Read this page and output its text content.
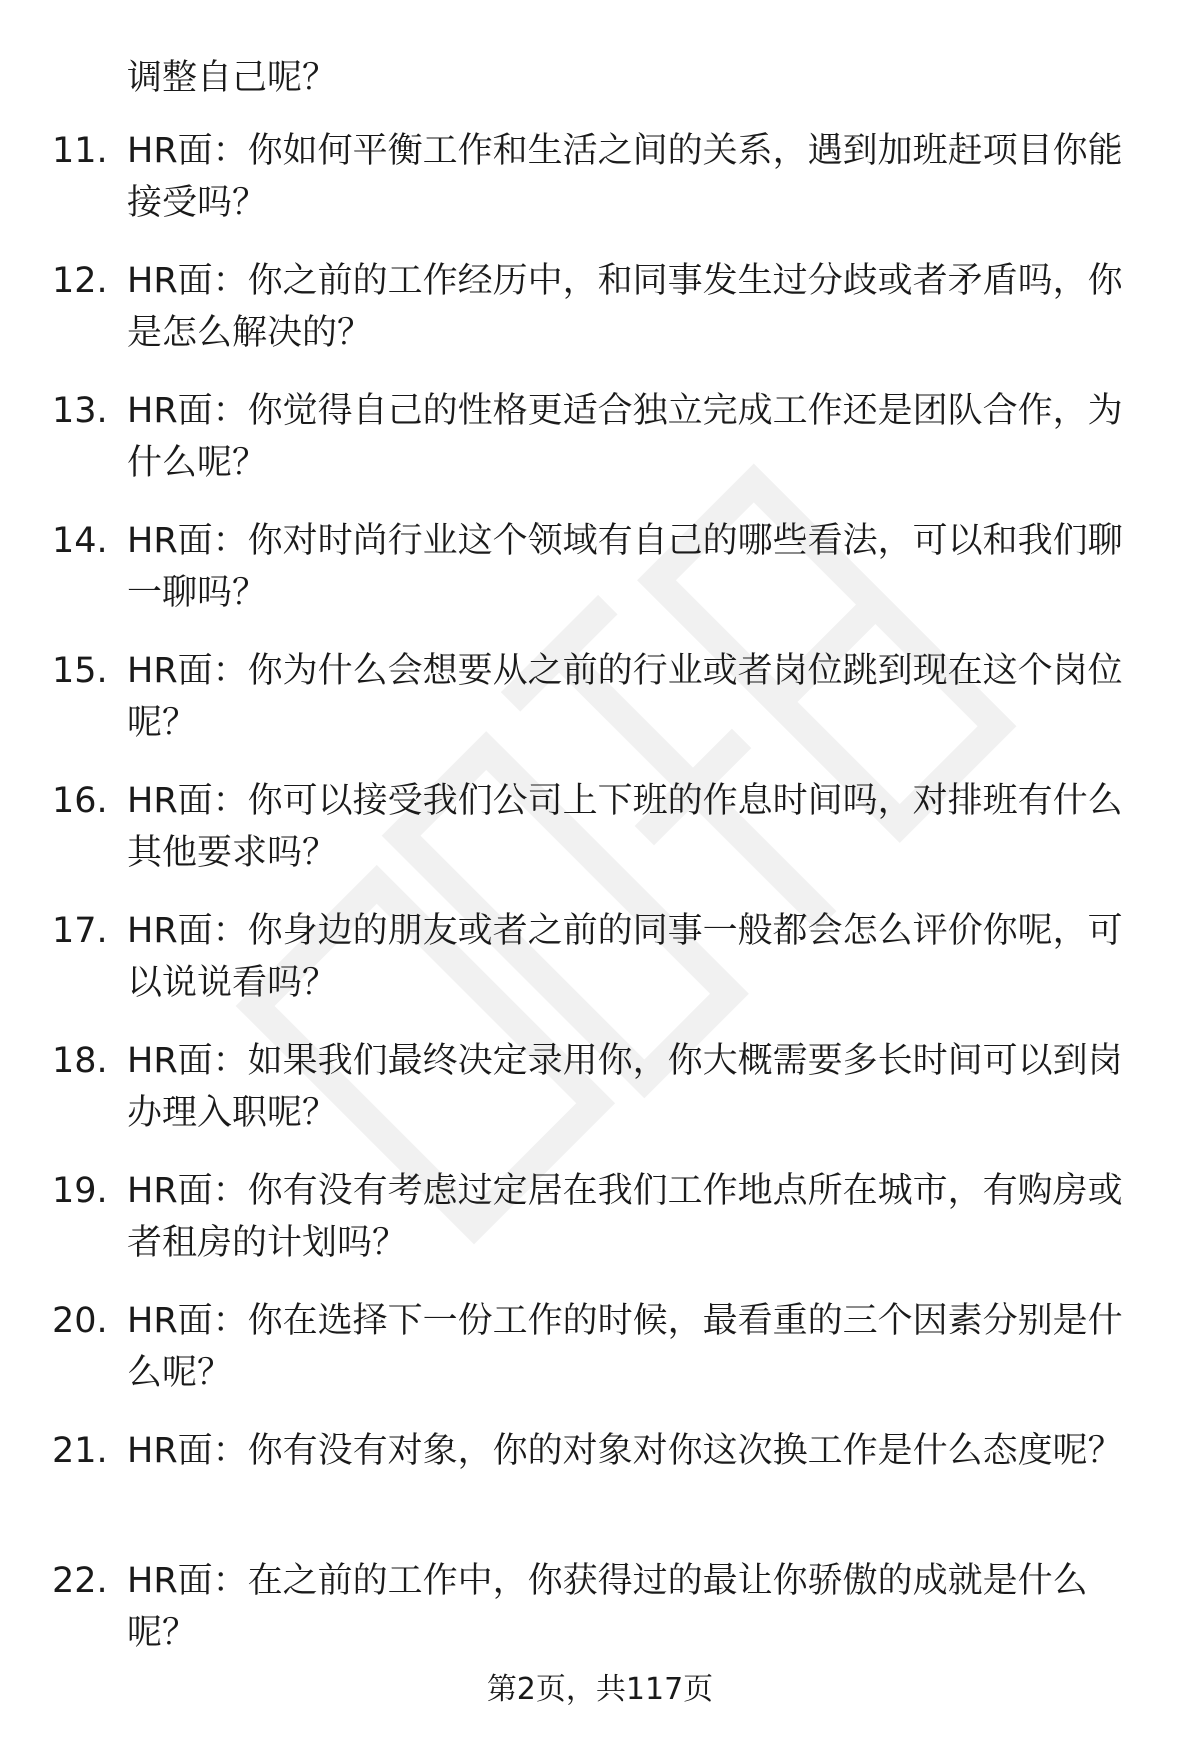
调整自己呢？

11. HR面：你如何平衡工作和生活之间的关系，遇到加班赶项目你能接受吗？
12. HR面：你之前的工作经历中，和同事发生过分歧或者矛盾吗，你是怎么解决的？
13. HR面：你觉得自己的性格更适合独立完成工作还是团队合作，为什么呢？
14. HR面：你对时尚行业这个领域有自己的哪些看法，可以和我们聊一聊吗？
15. HR面：你为什么会想要从之前的行业或者岗位跳到现在这个岗位呢？
16. HR面：你可以接受我们公司上下班的作息时间吗，对排班有什么其他要求吗？
17. HR面：你身边的朋友或者之前的同事一般都会怎么评价你呢，可以说说看吗？
18. HR面：如果我们最终决定录用你，你大概需要多长时间可以到岗办理入职呢？
19. HR面：你有没有考虑过定居在我们工作地点所在城市，有购房或者租房的计划吗？
20. HR面：你在选择下一份工作的时候，最看重的三个因素分别是什么呢？
21. HR面：你有没有对象，你的对象对你这次换工作是什么态度呢？
22. HR面：在之前的工作中，你获得过的最让你骄傲的成就是什么呢？
第2页，共117页
